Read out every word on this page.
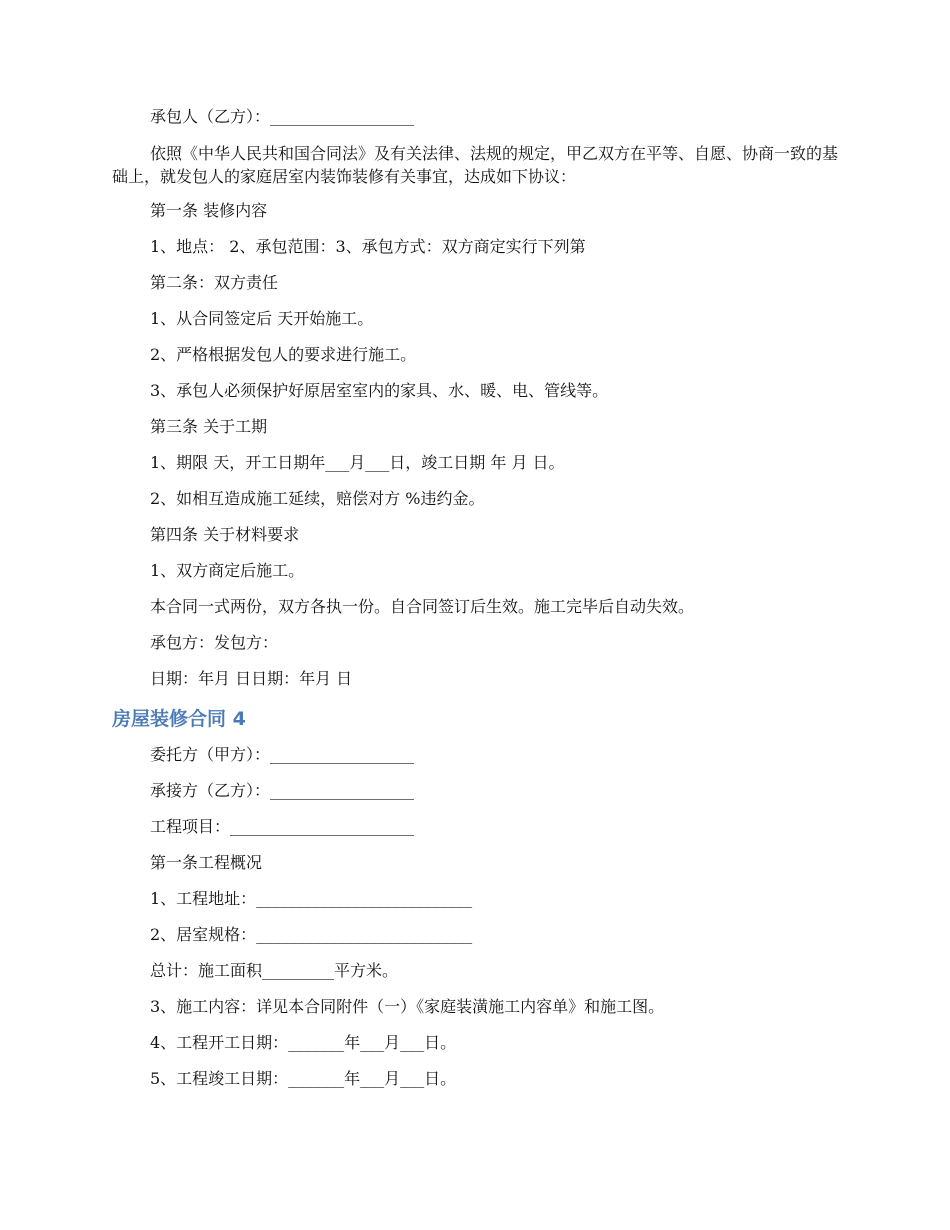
承包人（乙方）：__________________

依照《中华人民共和国合同法》及有关法律、法规的规定，甲乙双方在平等、自愿、协商一致的基础上，就发包人的家庭居室内装饰装修有关事宜，达成如下协议：

第一条 装修内容

1、地点： 2、承包范围：3、承包方式：双方商定实行下列第

第二条：双方责任

1、从合同签定后 天开始施工。

2、严格根据发包人的要求进行施工。

3、承包人必须保护好原居室室内的家具、水、暖、电、管线等。

第三条 关于工期

1、期限 天，开工日期年___月___日，竣工日期 年 月 日。

2、如相互造成施工延续，赔偿对方 %违约金。

第四条 关于材料要求

1、双方商定后施工。

本合同一式两份，双方各执一份。自合同签订后生效。施工完毕后自动失效。

承包方：发包方：

日期：年月 日日期：年月 日

房屋装修合同 4

委托方（甲方）：__________________

承接方（乙方）：__________________

工程项目：_______________________

第一条工程概况

1、工程地址：___________________________

2、居室规格：___________________________

总计：施工面积_________平方米。

3、施工内容：详见本合同附件（一）《家庭装潢施工内容单》和施工图。

4、工程开工日期：_______年___月___日。

5、工程竣工日期：_______年___月___日。
